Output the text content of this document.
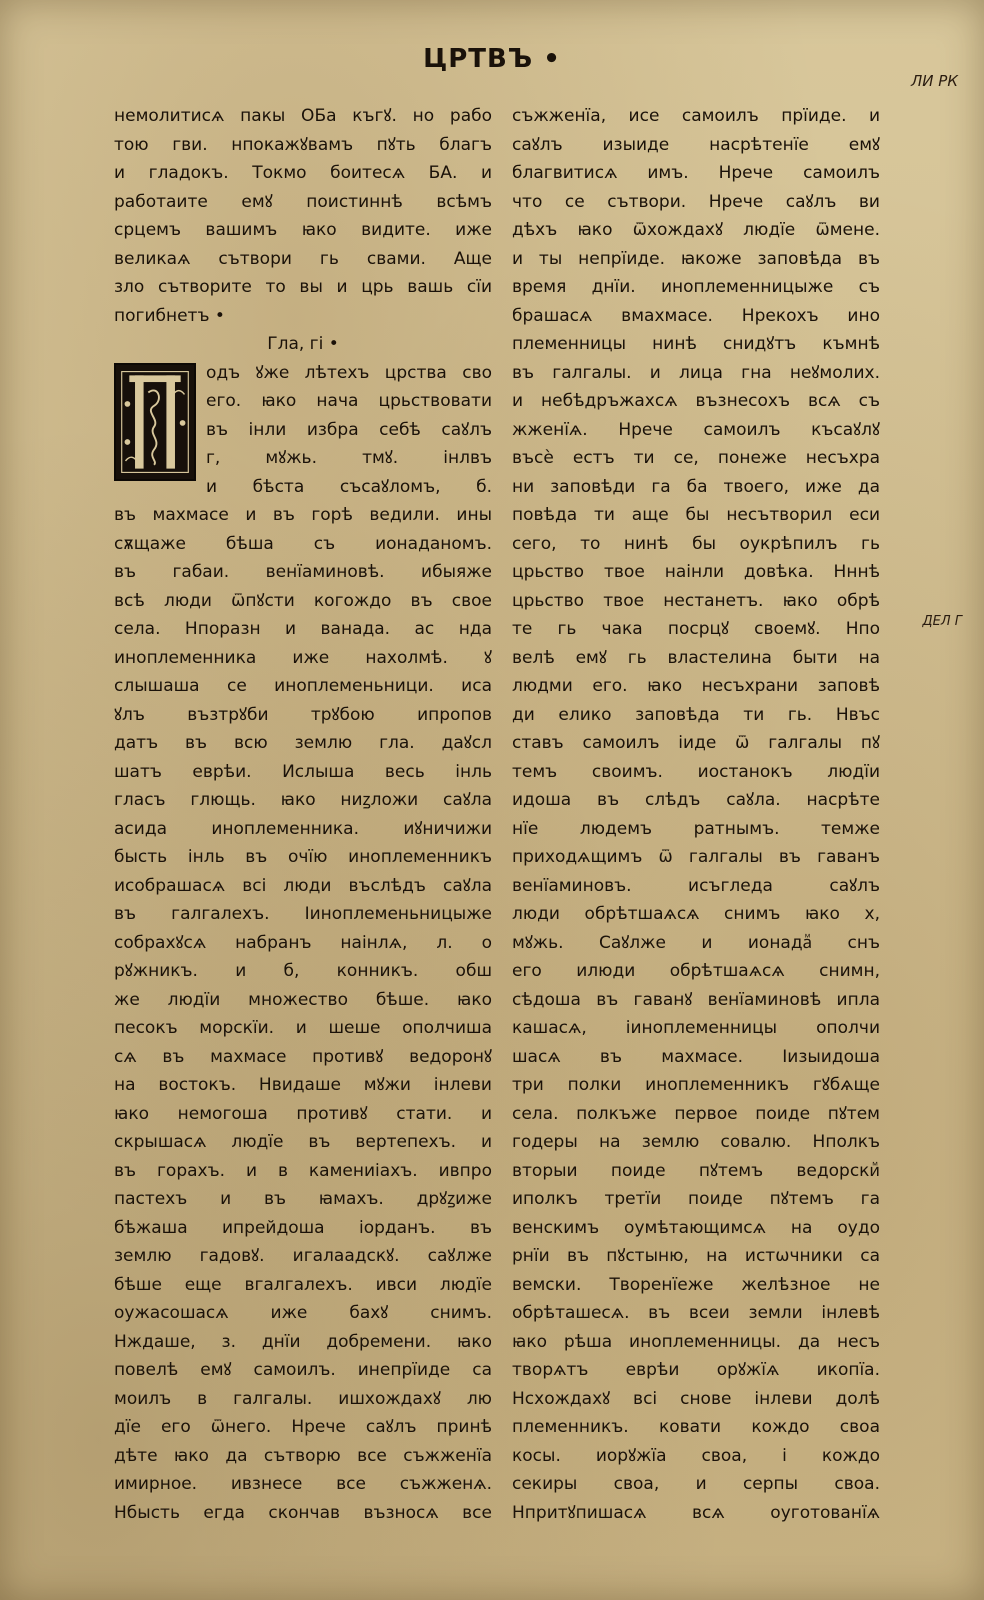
ЦРТВЪ •
ЛИ РК
ДЕЛ Г
немолитисѧ пакы ОБа къгꙋ. но рабо
тою гви. нпокажꙋвамъ пꙋть благъ
и гладокъ. Токмо боитесѧ БА. и
работаите емꙋ поистиннѣ всѣмъ
срцемъ вашимъ ꙗко видите. иже
великаѧ сътвори гь свами. Аще
зло сътворите то вы и црь вашь сїи
погибнетъ •
Гла, гі •
одъ ꙋже лѣтехъ црства сво
его. ꙗко нача црьствовати
въ інли избра себѣ саꙋлъ
г, мꙋжь. тмꙋ. інлвъ
и бѣста съсаꙋломъ, б.
въ махмасе и въ горѣ ведили. ины
сѫщаже бѣша съ ионаданомъ.
въ габаи. венїаминовѣ. ибыяже
всѣ люди ѿпꙋсти когождо въ свое
села. Нпоразн и ванада. ас нда
иноплеменника иже нахолмѣ. ꙋ
слышаша се иноплеменьници. иса
ꙋлъ възтрꙋби трꙋбою ипропов
датъ въ всю землю гла. даꙋсл
шатъ еврѣи. Ислыша весь інль
гласъ глющь. ꙗко ниꙁложи саꙋла
асида иноплеменника. иꙋничижи
бысть інль въ очїю иноплеменникъ
исобрашасѧ всі люди въслѣдъ саꙋла
въ галгалехъ. Іиноплеменьницыже
собрахꙋсѧ набранъ наінлѧ, л. о
рꙋжникъ. и б, конникъ. обш
же людїи множество бѣше. ꙗко
песокъ морскїи. и шеше ополчиша
сѧ въ махмасе противꙋ ведоронꙋ
на востокъ. Нвидаше мꙋжи інлеви
ꙗко немогоша противꙋ стати. и
скрышасѧ людїе въ вертепехъ. и
въ горахъ. и в камениіахъ. ивпро
пастехъ и въ ꙗмахъ. дрꙋꙁиже
бѣжаша ипрейдоша іорданъ. въ
землю гадовꙋ. игалаадскꙋ. саꙋлже
бѣше еще вгалгалехъ. ивси людїе
оужасошасѧ иже бахꙋ снимъ.
Нждаше, з. днїи добремени. ꙗко
повелѣ емꙋ самоилъ. инепрїиде са
моилъ в галгалы. ишхождахꙋ лю
дїе его ѿнего. Нрече саꙋлъ принѣ
дѣте ꙗко да сътворю все съжженїа
имирное. ивзнесе все съжженѧ.
Нбысть егда скончав възносѧ все
съжженїа, исе самоилъ прїиде. и
саꙋлъ изыиде насрѣтенїе емꙋ
благвитисѧ имъ. Нрече самоилъ
что се сътвори. Нрече саꙋлъ ви
дѣхъ ꙗко ѿхождахꙋ людїе ѿмене.
и ты непрїиде. ꙗкоже заповѣда въ
время днїи. иноплеменницыже съ
брашасѧ вмахмасе. Нрекохъ ино
племенницы нинѣ снидꙋтъ къмнѣ
въ галгалы. и лица гна неꙋмолих.
и небѣдръжахсѧ възнесохъ всѧ съ
жженїѧ. Нрече самоилъ късаꙋлꙋ
въсѐ естъ ти се, понеже несъхра
ни заповѣди га ба твоего, иже да
повѣда ти аще бы несътворил еси
сего, то нинѣ бы оукрѣпилъ гь
црьство твое наінли довѣка. Нннѣ
црьство твое нестанетъ. ꙗко обрѣ
те гь чака посрцꙋ своемꙋ. Нпо
велѣ емꙋ гь властелина быти на
людми его. ꙗко несъхрани заповѣ
ди елико заповѣда ти гь. Нвъс
ставъ самоилъ іиде ѿ галгалы пꙋ
темъ своимъ. иостанокъ людїи
идоша въ слѣдъ саꙋла. насрѣте
нїе людемъ ратнымъ. темже
приходѧщимъ ѿ галгалы въ гаванъ
венїаминовъ. исъгледа саꙋлъ
люди обрѣтшаѧсѧ снимъ ꙗко х,
мꙋжь. Саꙋлже и ионадаⷨ снъ
его илюди обрѣтшаѧсѧ снимн,
сѣдоша въ гаванꙋ венїаминовѣ ипла
кашасѧ, іиноплеменницы ополчи
шасѧ въ махмасе. Іизыидоша
три полки иноплеменникъ гꙋбѧще
села. полкъже первое поиде пꙋтем
годеры на землю совалю. Нполкъ
вторыи поиде пꙋтемъ ведорскиⷨ
иполкъ третїи поиде пꙋтемъ га
венскимъ оумѣтающимсѧ на оудо
рнїи въ пꙋстыню, на истѡчники са
вемски. Творенїеже желѣзное не
обрѣташесѧ. въ всеи земли інлевѣ
ꙗко рѣша иноплеменницы. да несъ
творѧтъ еврѣи орꙋжїѧ икопїа.
Нсхождахꙋ всі снове інлеви долѣ
племенникъ. ковати кождо своа
косы. иорꙋжїа своа, і кождо
секиры своа, и серпы своа.
Нпритꙋпишасѧ всѧ оуготованїѧ
